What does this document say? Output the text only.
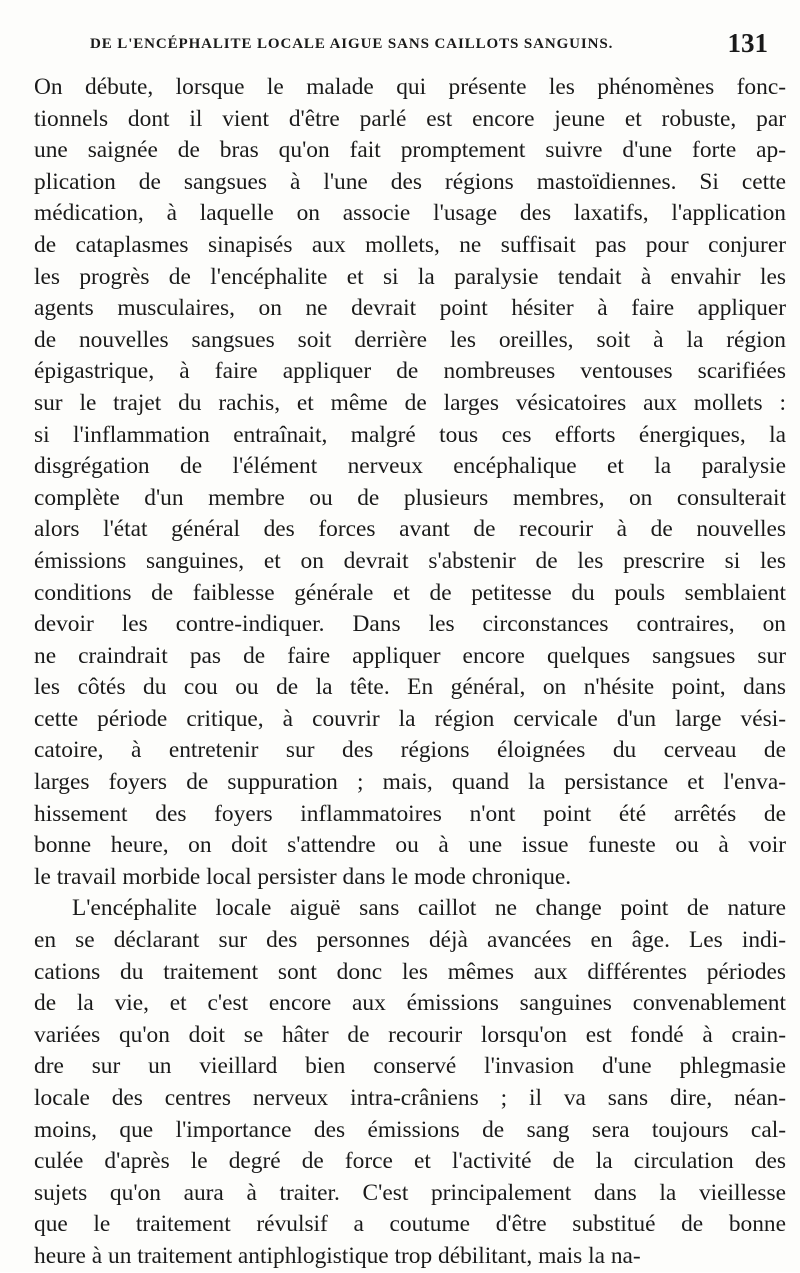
DE L'ENCÉPHALITE LOCALE AIGUE SANS CAILLOTS SANGUINS.	131
On débute, lorsque le malade qui présente les phénomènes fonc-
tionnels dont il vient d'être parlé est encore jeune et robuste, par
une saignée de bras qu'on fait promptement suivre d'une forte ap-
plication de sangsues à l'une des régions mastoïdiennes. Si cette
médication, à laquelle on associe l'usage des laxatifs, l'application
de cataplasmes sinapisés aux mollets, ne suffisait pas pour conjurer
les progrès de l'encéphalite et si la paralysie tendait à envahir les
agents musculaires, on ne devrait point hésiter à faire appliquer
de nouvelles sangsues soit derrière les oreilles, soit à la région
épigastrique, à faire appliquer de nombreuses ventouses scarifiées
sur le trajet du rachis, et même de larges vésicatoires aux mollets :
si l'inflammation entraînait, malgré tous ces efforts énergiques, la
disgrégation de l'élément nerveux encéphalique et la paralysie
complète d'un membre ou de plusieurs membres, on consulterait
alors l'état général des forces avant de recourir à de nouvelles
émissions sanguines, et on devrait s'abstenir de les prescrire si les
conditions de faiblesse générale et de petitesse du pouls semblaient
devoir les contre-indiquer. Dans les circonstances contraires, on
ne craindrait pas de faire appliquer encore quelques sangsues sur
les côtés du cou ou de la tête. En général, on n'hésite point, dans
cette période critique, à couvrir la région cervicale d'un large vési-
catoire, à entretenir sur des régions éloignées du cerveau de
larges foyers de suppuration ; mais, quand la persistance et l'enva-
hissement des foyers inflammatoires n'ont point été arrêtés de
bonne heure, on doit s'attendre ou à une issue funeste ou à voir
le travail morbide local persister dans le mode chronique.
L'encéphalite locale aiguë sans caillot ne change point de nature
en se déclarant sur des personnes déjà avancées en âge. Les indi-
cations du traitement sont donc les mêmes aux différentes périodes
de la vie, et c'est encore aux émissions sanguines convenablement
variées qu'on doit se hâter de recourir lorsqu'on est fondé à crain-
dre sur un vieillard bien conservé l'invasion d'une phlegmasie
locale des centres nerveux intra-crâniens ; il va sans dire, néan-
moins, que l'importance des émissions de sang sera toujours cal-
culée d'après le degré de force et l'activité de la circulation des
sujets qu'on aura à traiter. C'est principalement dans la vieillesse
que le traitement révulsif a coutume d'être substitué de bonne
heure à un traitement antiphlogistique trop débilitant, mais la na-
